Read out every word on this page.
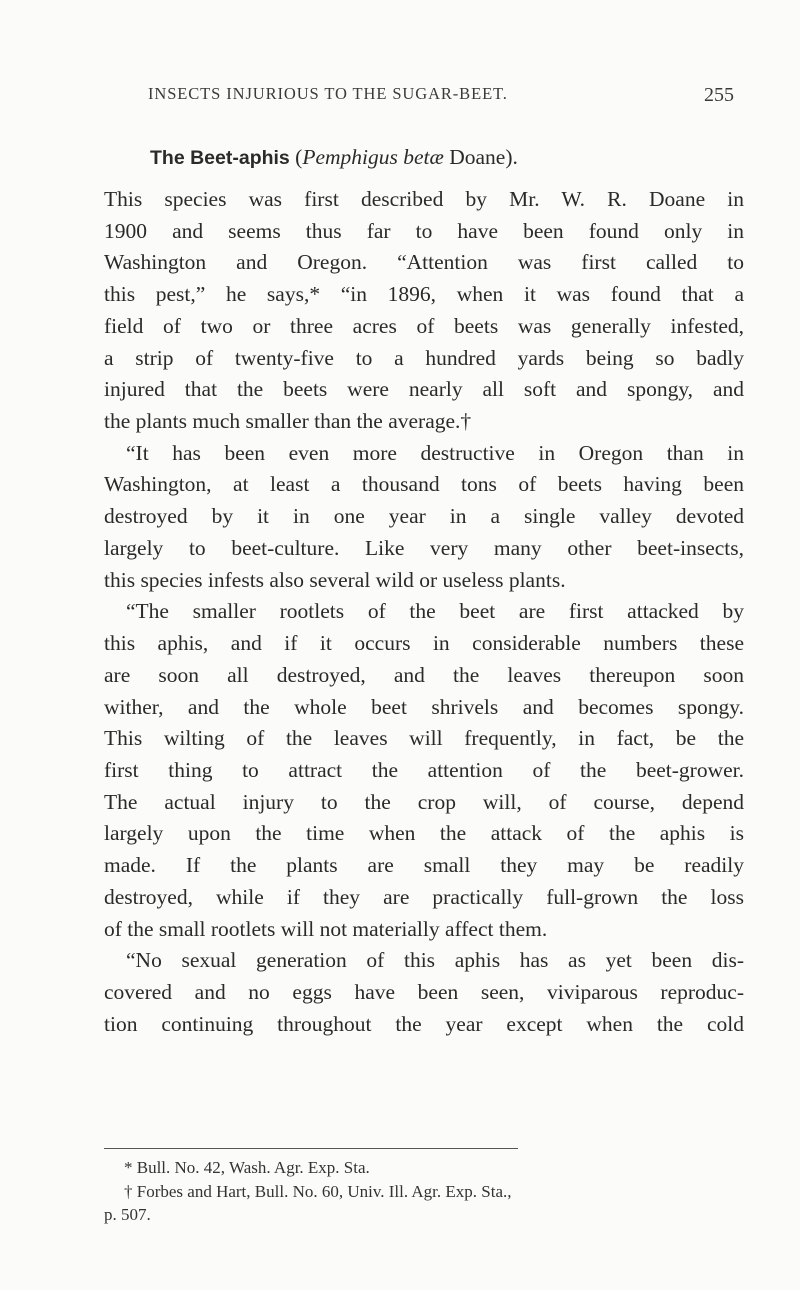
INSECTS INJURIOUS TO THE SUGAR-BEET.	255
The Beet-aphis (Pemphigus betæ Doane).
This species was first described by Mr. W. R. Doane in
1900 and seems thus far to have been found only in
Washington and Oregon. “Attention was first called to
this pest,” he says,* “in 1896, when it was found that a
field of two or three acres of beets was generally infested,
a strip of twenty-five to a hundred yards being so badly
injured that the beets were nearly all soft and spongy, and
the plants much smaller than the average.†
“It has been even more destructive in Oregon than in
Washington, at least a thousand tons of beets having been
destroyed by it in one year in a single valley devoted
largely to beet-culture. Like very many other beet-insects,
this species infests also several wild or useless plants.
“The smaller rootlets of the beet are first attacked by
this aphis, and if it occurs in considerable numbers these
are soon all destroyed, and the leaves thereupon soon
wither, and the whole beet shrivels and becomes spongy.
This wilting of the leaves will frequently, in fact, be the
first thing to attract the attention of the beet-grower.
The actual injury to the crop will, of course, depend
largely upon the time when the attack of the aphis is
made. If the plants are small they may be readily
destroyed, while if they are practically full-grown the loss
of the small rootlets will not materially affect them.
“No sexual generation of this aphis has as yet been dis-
covered and no eggs have been seen, viviparous reproduc-
tion continuing throughout the year except when the cold
* Bull. No. 42, Wash. Agr. Exp. Sta.
† Forbes and Hart, Bull. No. 60, Univ. Ill. Agr. Exp. Sta.,
p. 507.
